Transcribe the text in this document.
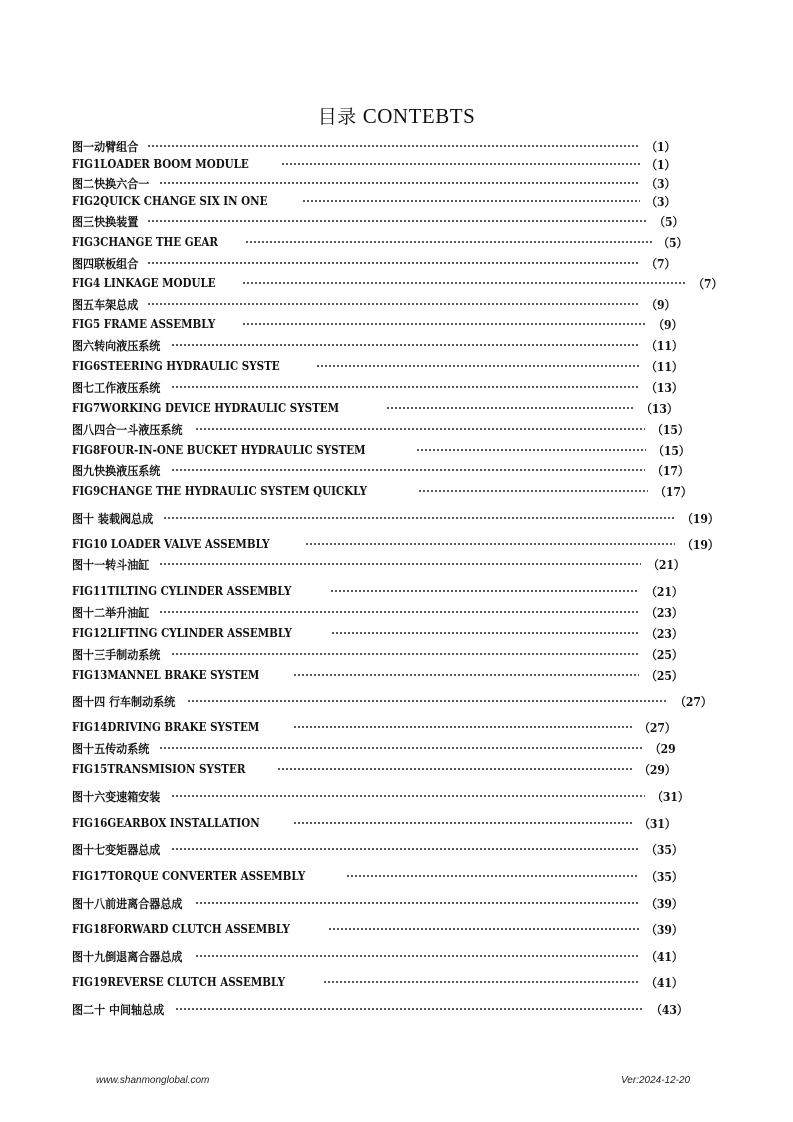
目录 CONTEBTS
图一动臂组合	（1）
FIG1LOADER BOOM MODULE	（1）
图二快换六合一	（3）
FIG2QUICK CHANGE SIX IN ONE	（3）
图三快换装置	（5）
FIG3CHANGE THE GEAR	（5）
图四联板组合	（7）
FIG4 LINKAGE MODULE	（7）
图五车架总成	（9）
FIG5 FRAME ASSEMBLY	（9）
图六转向液压系统	（11）
FIG6STEERING HYDRAULIC SYSTE	（11）
图七工作液压系统	（13）
FIG7WORKING DEVICE HYDRAULIC SYSTEM	（13）
图八四合一斗液压系统	（15）
FIG8FOUR-IN-ONE BUCKET HYDRAULIC SYSTEM	（15）
图九快换液压系统	（17）
FIG9CHANGE THE HYDRAULIC SYSTEM QUICKLY	（17）
图十 装载阀总成	（19）
FIG10 LOADER VALVE ASSEMBLY	（19）
图十一转斗油缸	（21）
FIG11TILTING CYLINDER ASSEMBLY	（21）
图十二举升油缸	（23）
FIG12LIFTING CYLINDER ASSEMBLY	（23）
图十三手制动系统	（25）
FIG13MANNEL BRAKE SYSTEM	（25）
图十四 行车制动系统	（27）
FIG14DRIVING BRAKE SYSTEM	（27）
图十五传动系统	（29
FIG15TRANSMISION SYSTER	（29）
图十六变速箱安装	（31）
FIG16GEARBOX INSTALLATION	（31）
图十七变矩器总成	（35）
FIG17TORQUE CONVERTER ASSEMBLY	（35）
图十八前进离合器总成	（39）
FIG18FORWARD CLUTCH ASSEMBLY	（39）
图十九倒退离合器总成	（41）
FIG19REVERSE CLUTCH ASSEMBLY	（41）
图二十 中间轴总成	（43）
www.shanmonglobal.com	Ver:2024-12-20
